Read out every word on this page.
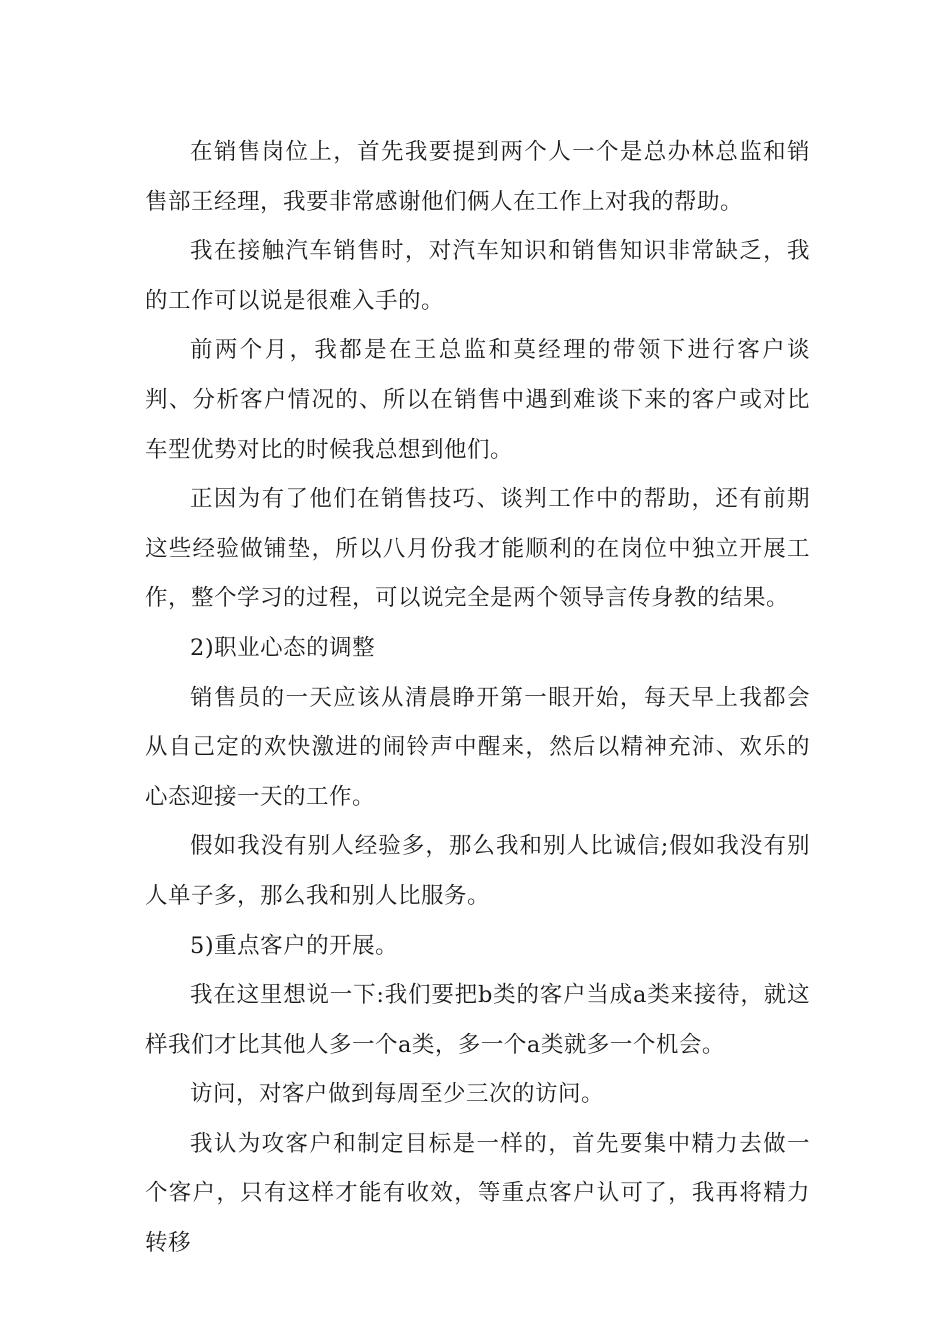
在销售岗位上，首先我要提到两个人一个是总办林总监和销售部王经理，我要非常感谢他们俩人在工作上对我的帮助。

我在接触汽车销售时，对汽车知识和销售知识非常缺乏，我的工作可以说是很难入手的。

前两个月，我都是在王总监和莫经理的带领下进行客户谈判、分析客户情况的、所以在销售中遇到难谈下来的客户或对比车型优势对比的时候我总想到他们。

正因为有了他们在销售技巧、谈判工作中的帮助，还有前期这些经验做铺垫，所以八月份我才能顺利的在岗位中独立开展工作，整个学习的过程，可以说完全是两个领导言传身教的结果。

2)职业心态的调整

销售员的一天应该从清晨睁开第一眼开始，每天早上我都会从自己定的欢快激进的闹铃声中醒来，然后以精神充沛、欢乐的心态迎接一天的工作。

假如我没有别人经验多，那么我和别人比诚信;假如我没有别人单子多，那么我和别人比服务。

5)重点客户的开展。

我在这里想说一下:我们要把b类的客户当成a类来接待，就这样我们才比其他人多一个a类，多一个a类就多一个机会。

访问，对客户做到每周至少三次的访问。

我认为攻客户和制定目标是一样的，首先要集中精力去做一个客户，只有这样才能有收效，等重点客户认可了，我再将精力转移
